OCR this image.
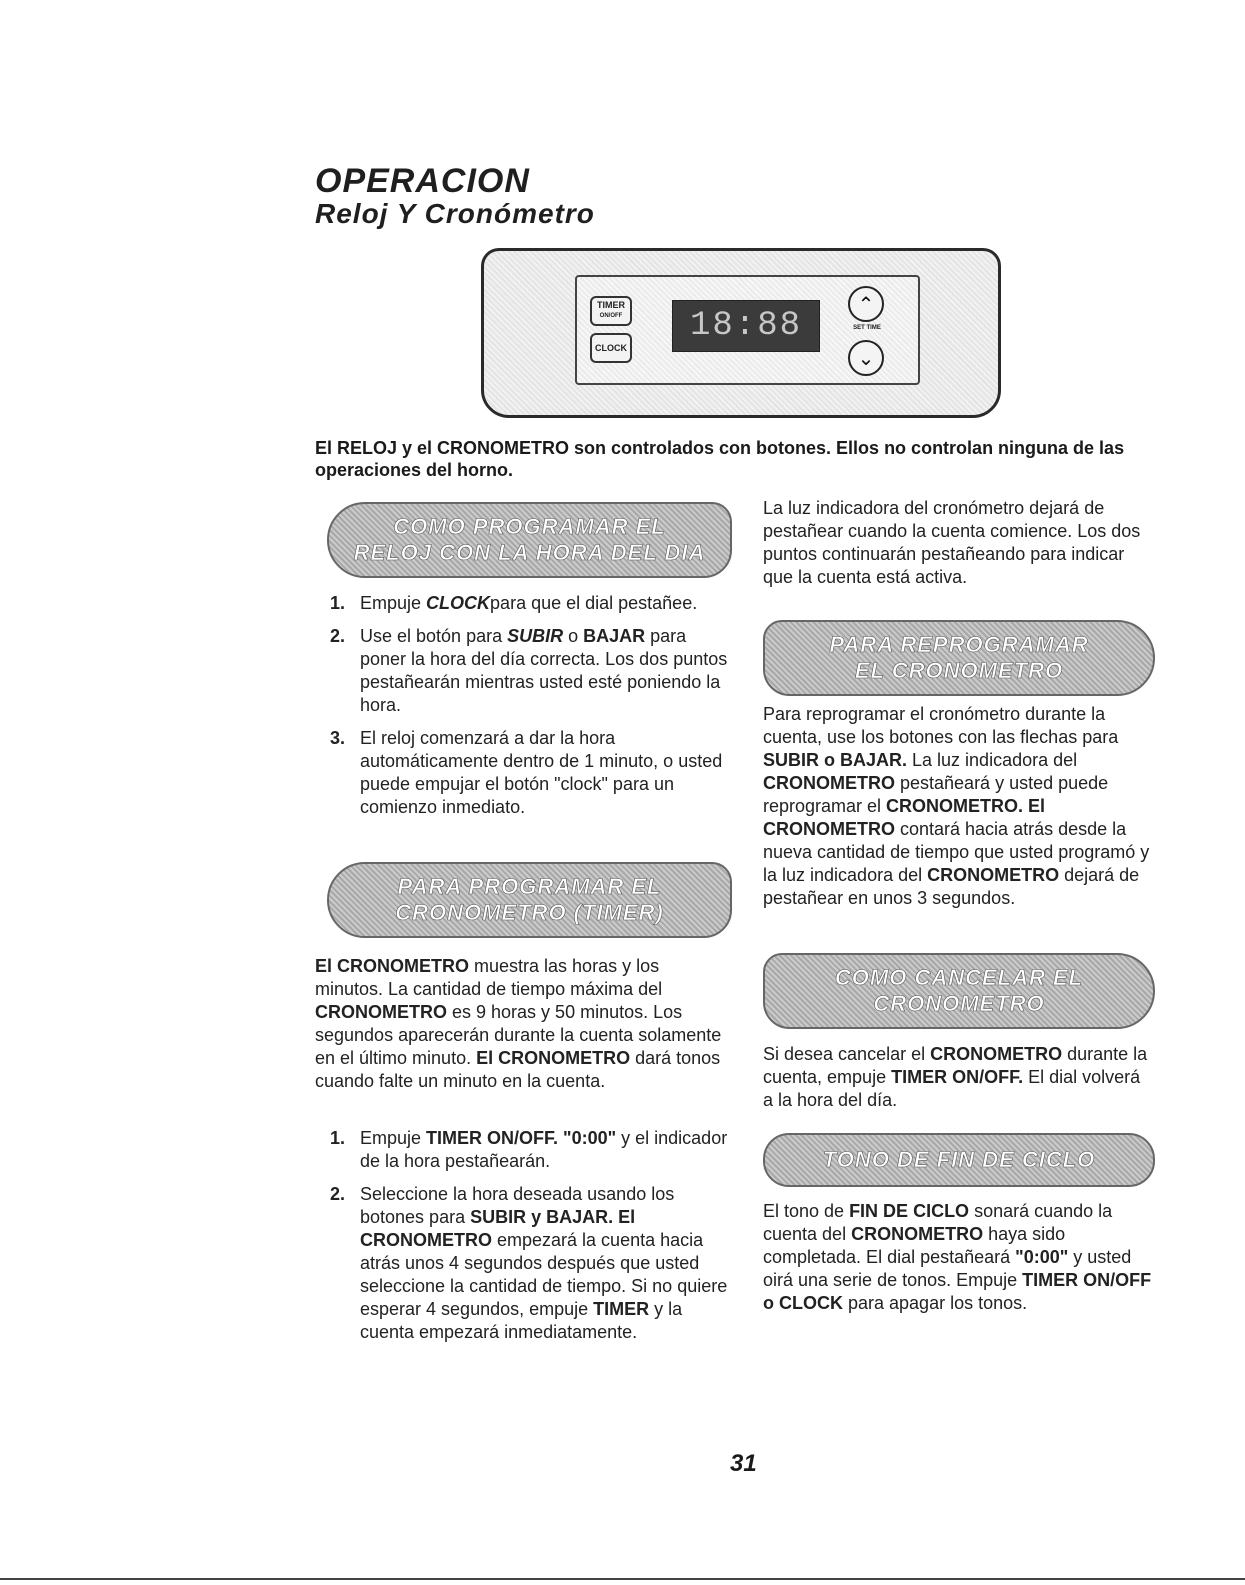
OPERACION
Reloj Y Cronómetro
TIMER
ON/OFF
CLOCK
18:88
⌃
SET TIME
⌄
El RELOJ y el CRONOMETRO son controlados con botones. Ellos no controlan ninguna de las operaciones del horno.
COMO PROGRAMAR EL
RELOJ CON LA HORA DEL DIA
1. Empuje CLOCKpara que el dial pestañee.
2. Use el botón para SUBIR o BAJAR para poner la hora del día correcta. Los dos puntos pestañearán mientras usted esté poniendo la hora.
3. El reloj comenzará a dar la hora automáticamente dentro de 1 minuto, o usted puede empujar el botón "clock" para un comienzo inmediato.
PARA PROGRAMAR EL
CRONOMETRO (TIMER)
El CRONOMETRO muestra las horas y los minutos. La cantidad de tiempo máxima del CRONOMETRO es 9 horas y 50 minutos. Los segundos aparecerán durante la cuenta solamente en el último minuto. El CRONOMETRO dará tonos cuando falte un minuto en la cuenta.
1. Empuje TIMER ON/OFF. "0:00" y el indicador de la hora pestañearán.
2. Seleccione la hora deseada usando los botones para SUBIR y BAJAR. El CRONOMETRO empezará la cuenta hacia atrás unos 4 segundos después que usted seleccione la cantidad de tiempo. Si no quiere esperar 4 segundos, empuje TIMER y la cuenta empezará inmediatamente.
La luz indicadora del cronómetro dejará de pestañear cuando la cuenta comience. Los dos puntos continuarán pestañeando para indicar que la cuenta está activa.
PARA REPROGRAMAR
EL CRONOMETRO
Para reprogramar el cronómetro durante la cuenta, use los botones con las flechas para SUBIR o BAJAR. La luz indicadora del CRONOMETRO pestañeará y usted puede reprogramar el CRONOMETRO. El CRONOMETRO contará hacia atrás desde la nueva cantidad de tiempo que usted programó y la luz indicadora del CRONOMETRO dejará de pestañear en unos 3 segundos.
COMO CANCELAR EL
CRONOMETRO
Si desea cancelar el CRONOMETRO durante la cuenta, empuje TIMER ON/OFF. El dial volverá a la hora del día.
TONO DE FIN DE CICLO
El tono de FIN DE CICLO sonará cuando la cuenta del CRONOMETRO haya sido completada. El dial pestañeará "0:00" y usted oirá una serie de tonos. Empuje TIMER ON/OFF o CLOCK para apagar los tonos.
31
